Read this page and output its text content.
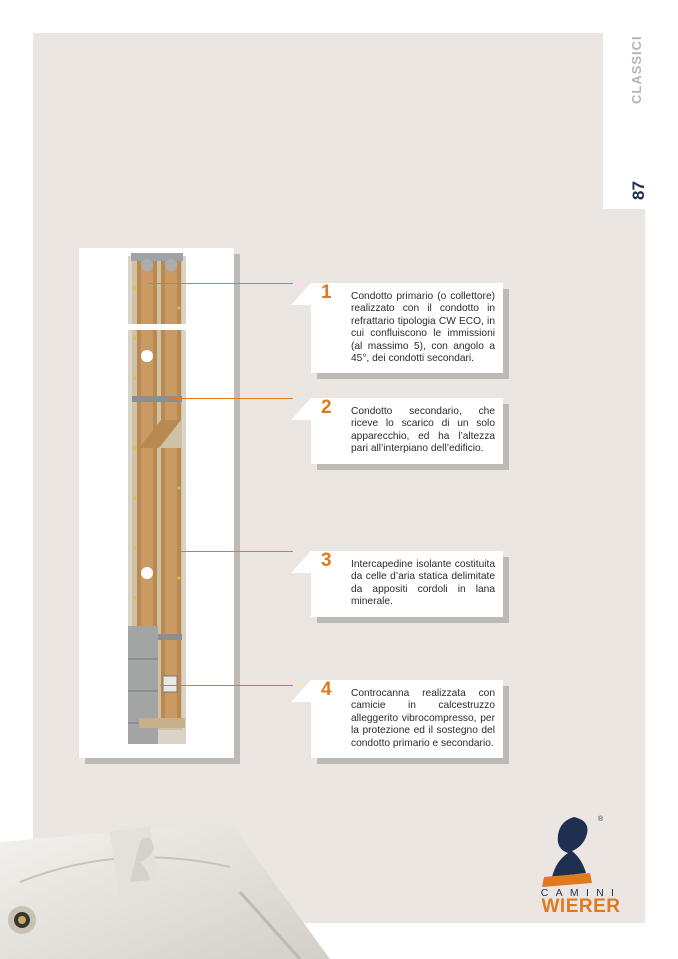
CLASSICI
87
1 Condotto primario (o collettore) realizzato con il condotto in refrattario tipologia CW ECO, in cui confluiscono le immissioni (al massimo 5), con angolo a 45°, dei condotti secondari.
2 Condotto secondario, che riceve lo scarico di un solo apparecchio, ed ha l’altezza pari all’interpiano dell’edificio.
3 Intercapedine isolante costituita da celle d’aria statica delimitate da appositi cordoli in lana minerale.
4 Controcanna realizzata con camicie in calcestruzzo alleggerito vibrocompresso, per la protezione ed il sostegno del condotto primario e secondario.
®
CAMINI
WIERER
